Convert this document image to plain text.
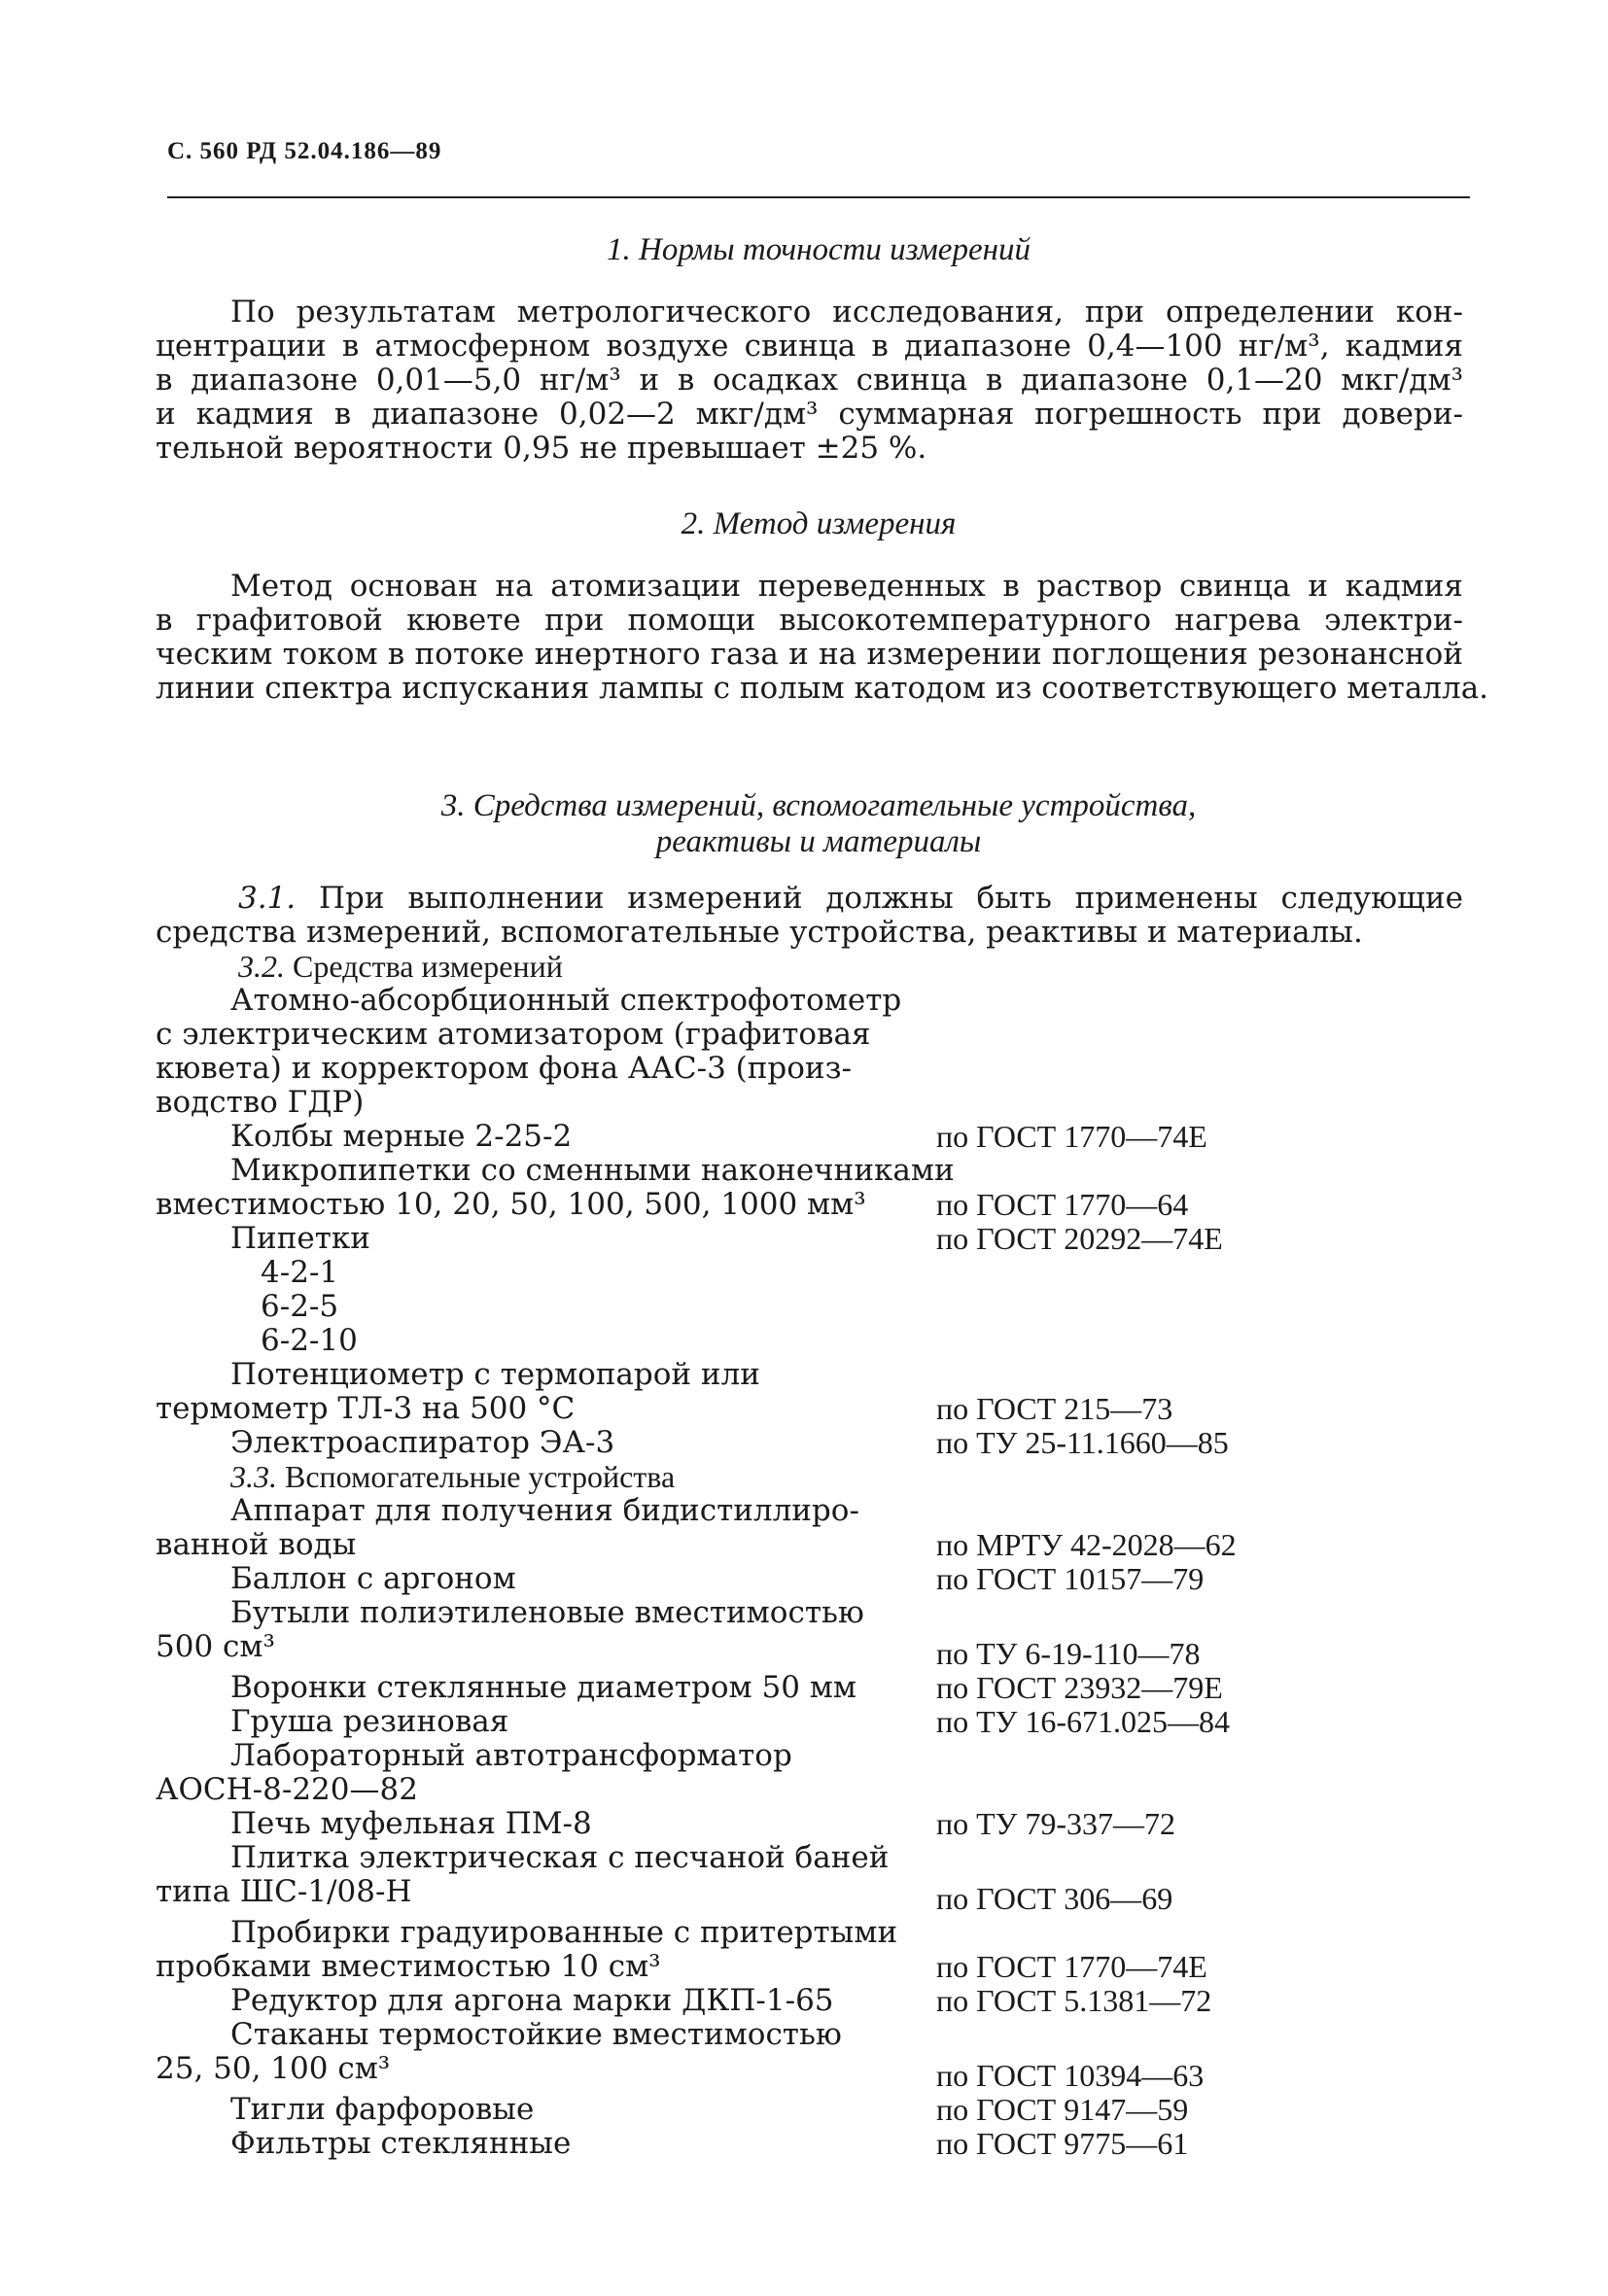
С. 560 РД 52.04.186—89
1. Нормы точности измерений
По результатам метрологического исследования, при определении кон-
центрации в атмосферном воздухе свинца в диапазоне 0,4—100 нг/м³, кадмия
в диапазоне 0,01—5,0 нг/м³ и в осадках свинца в диапазоне 0,1—20 мкг/дм³
и кадмия в диапазоне 0,02—2 мкг/дм³ суммарная погрешность при довери-
тельной вероятности 0,95 не превышает ±25 %.
2. Метод измерения
Метод основан на атомизации переведенных в раствор свинца и кадмия
в графитовой кювете при помощи высокотемпературного нагрева электри-
ческим током в потоке инертного газа и на измерении поглощения резонансной
линии спектра испускания лампы с полым катодом из соответствующего металла.
3. Средства измерений, вспомогательные устройства,
реактивы и материалы
3.1. При выполнении измерений должны быть применены следующие
средства измерений, вспомогательные устройства, реактивы и материалы.
3.2. Средства измерений
Атомно-абсорбционный спектрофотометр
с электрическим атомизатором (графитовая
кювета) и корректором фона ААС-3 (произ-
водство ГДР)
Колбы мерные 2-25-2	по ГОСТ 1770—74Е
Микропипетки со сменными наконечниками
вместимостью 10, 20, 50, 100, 500, 1000 мм³ по ГОСТ 1770—64
Пипетки	по ГОСТ 20292—74Е
4-2-1
6-2-5
6-2-10
Потенциометр с термопарой или
термометр ТЛ-3 на 500 °С	по ГОСТ 215—73
Электроаспиратор ЭА-3	по ТУ 25-11.1660—85
3.3. Вспомогательные устройства
Аппарат для получения бидистиллиро-
ванной воды	по МРТУ 42-2028—62
Баллон с аргоном	по ГОСТ 10157—79
Бутыли полиэтиленовые вместимостью
500 см³	по ТУ 6-19-110—78
Воронки стеклянные диаметром 50 мм	по ГОСТ 23932—79Е
Груша резиновая	по ТУ 16-671.025—84
Лабораторный автотрансформатор
АОСН-8-220—82
Печь муфельная ПМ-8	по ТУ 79-337—72
Плитка электрическая с песчаной баней
типа ШС-1/08-Н	по ГОСТ 306—69
Пробирки градуированные с притертыми
пробками вместимостью 10 см³	по ГОСТ 1770—74Е
Редуктор для аргона марки ДКП-1-65	по ГОСТ 5.1381—72
Стаканы термостойкие вместимостью
25, 50, 100 см³	по ГОСТ 10394—63
Тигли фарфоровые	по ГОСТ 9147—59
Фильтры стеклянные	по ГОСТ 9775—61
